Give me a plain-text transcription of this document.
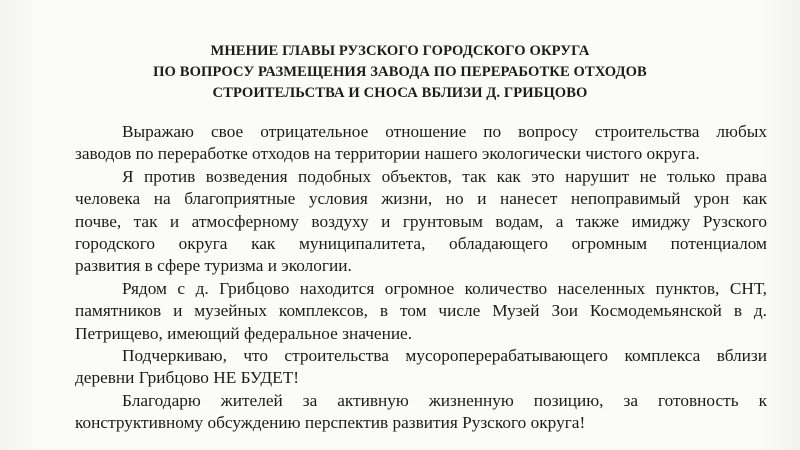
МНЕНИЕ ГЛАВЫ РУЗСКОГО ГОРОДСКОГО ОКРУГА
ПО ВОПРОСУ РАЗМЕЩЕНИЯ ЗАВОДА ПО ПЕРЕРАБОТКЕ ОТХОДОВ
СТРОИТЕЛЬСТВА И СНОСА ВБЛИЗИ Д. ГРИБЦОВО
Выражаю свое отрицательное отношение по вопросу строительства любых
заводов по переработке отходов на территории нашего экологически чистого округа.
Я против возведения подобных объектов, так как это нарушит не только права
человека на благоприятные условия жизни, но и нанесет непоправимый урон как
почве, так и атмосферному воздуху и грунтовым водам, а также имиджу Рузского
городского округа как муниципалитета, обладающего огромным потенциалом
развития в сфере туризма и экологии.
Рядом с д. Грибцово находится огромное количество населенных пунктов, СНТ,
памятников и музейных комплексов, в том числе Музей Зои Космодемьянской в д.
Петрищево, имеющий федеральное значение.
Подчеркиваю, что строительства мусороперерабатывающего комплекса вблизи
деревни Грибцово НЕ БУДЕТ!
Благодарю жителей за активную жизненную позицию, за готовность к
конструктивному обсуждению перспектив развития Рузского округа!
